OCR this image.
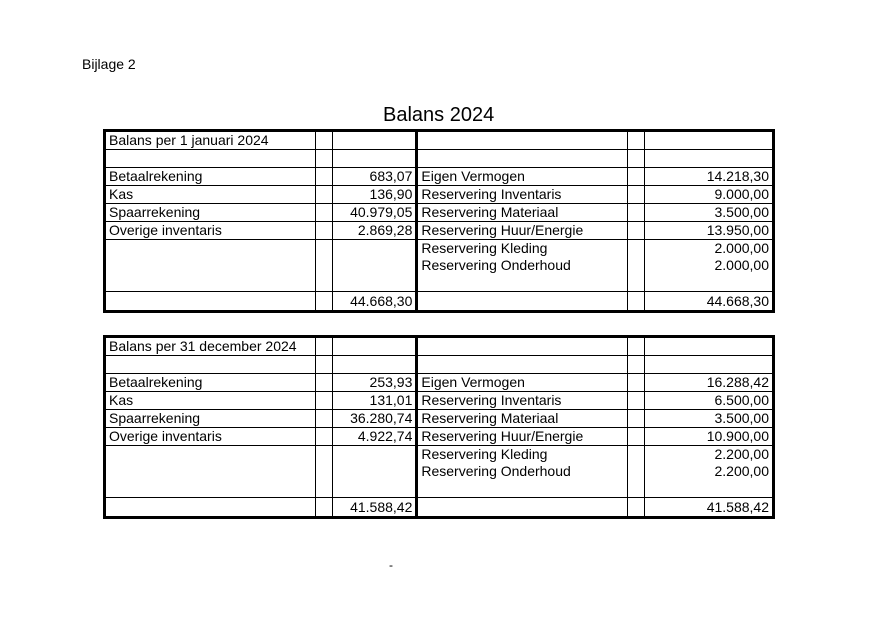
Bijlage 2
Balans 2024
Balans per 1 januari 2024					

Betaalrekening		683,07	Eigen Vermogen		14.218,30
Kas		136,90	Reservering Inventaris		9.000,00
Spaarrekening		40.979,05	Reservering Materiaal		3.500,00
Overige inventaris		2.869,28	Reservering Huur/Energie		13.950,00
			Reservering Kleding		2.000,00
			Reservering Onderhoud		2.000,00

		44.668,30			44.668,30
Balans per 31 december 2024					

Betaalrekening		253,93	Eigen Vermogen		16.288,42
Kas		131,01	Reservering Inventaris		6.500,00
Spaarrekening		36.280,74	Reservering Materiaal		3.500,00
Overige inventaris		4.922,74	Reservering Huur/Energie		10.900,00
			Reservering Kleding		2.200,00
			Reservering Onderhoud		2.200,00

		41.588,42			41.588,42
-
